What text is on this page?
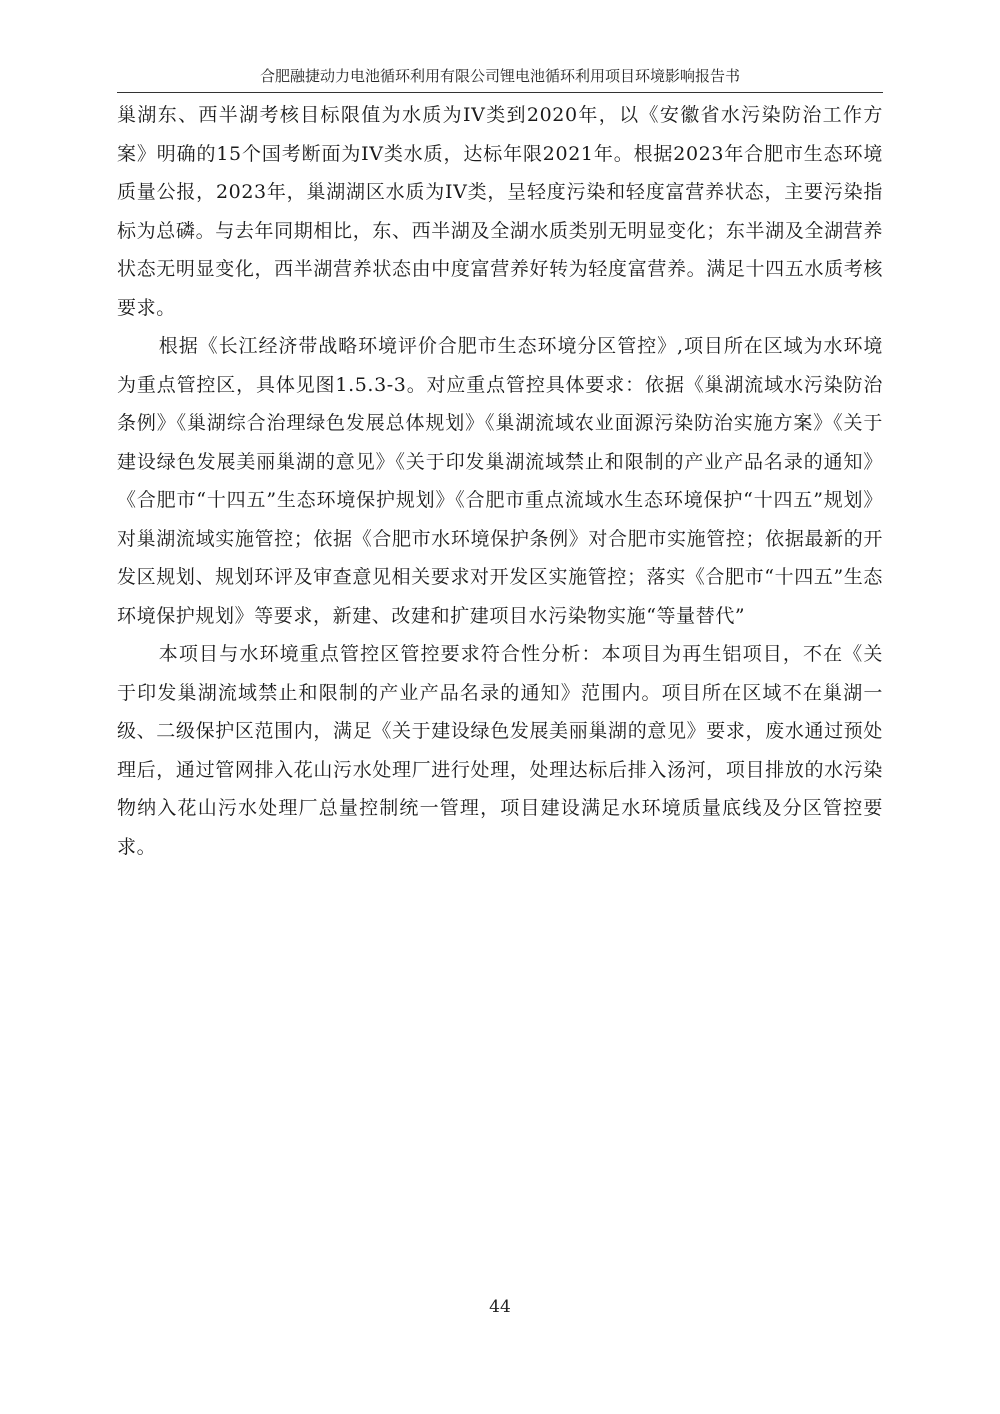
合肥融捷动力电池循环利用有限公司锂电池循环利用项目环境影响报告书

巢湖东、西半湖考核目标限值为水质为IV类到2020年，以《安徽省水污染防治工作方案》明确的15个国考断面为IV类水质，达标年限2021年。根据2023年合肥市生态环境质量公报，2023年，巢湖湖区水质为IV类，呈轻度污染和轻度富营养状态，主要污染指标为总磷。与去年同期相比，东、西半湖及全湖水质类别无明显变化；东半湖及全湖营养状态无明显变化，西半湖营养状态由中度富营养好转为轻度富营养。满足十四五水质考核要求。

根据《长江经济带战略环境评价合肥市生态环境分区管控》,项目所在区域为水环境为重点管控区，具体见图1.5.3-3。对应重点管控具体要求：依据《巢湖流域水污染防治条例》《巢湖综合治理绿色发展总体规划》《巢湖流域农业面源污染防治实施方案》《关于建设绿色发展美丽巢湖的意见》《关于印发巢湖流域禁止和限制的产业产品名录的通知》《合肥市“十四五”生态环境保护规划》《合肥市重点流域水生态环境保护“十四五”规划》对巢湖流域实施管控；依据《合肥市水环境保护条例》对合肥市实施管控；依据最新的开发区规划、规划环评及审查意见相关要求对开发区实施管控；落实《合肥市“十四五”生态环境保护规划》等要求，新建、改建和扩建项目水污染物实施“等量替代”

本项目与水环境重点管控区管控要求符合性分析：本项目为再生铝项目，不在《关于印发巢湖流域禁止和限制的产业产品名录的通知》范围内。项目所在区域不在巢湖一级、二级保护区范围内，满足《关于建设绿色发展美丽巢湖的意见》要求，废水通过预处理后，通过管网排入花山污水处理厂进行处理，处理达标后排入汤河，项目排放的水污染物纳入花山污水处理厂总量控制统一管理，项目建设满足水环境质量底线及分区管控要求。

44
